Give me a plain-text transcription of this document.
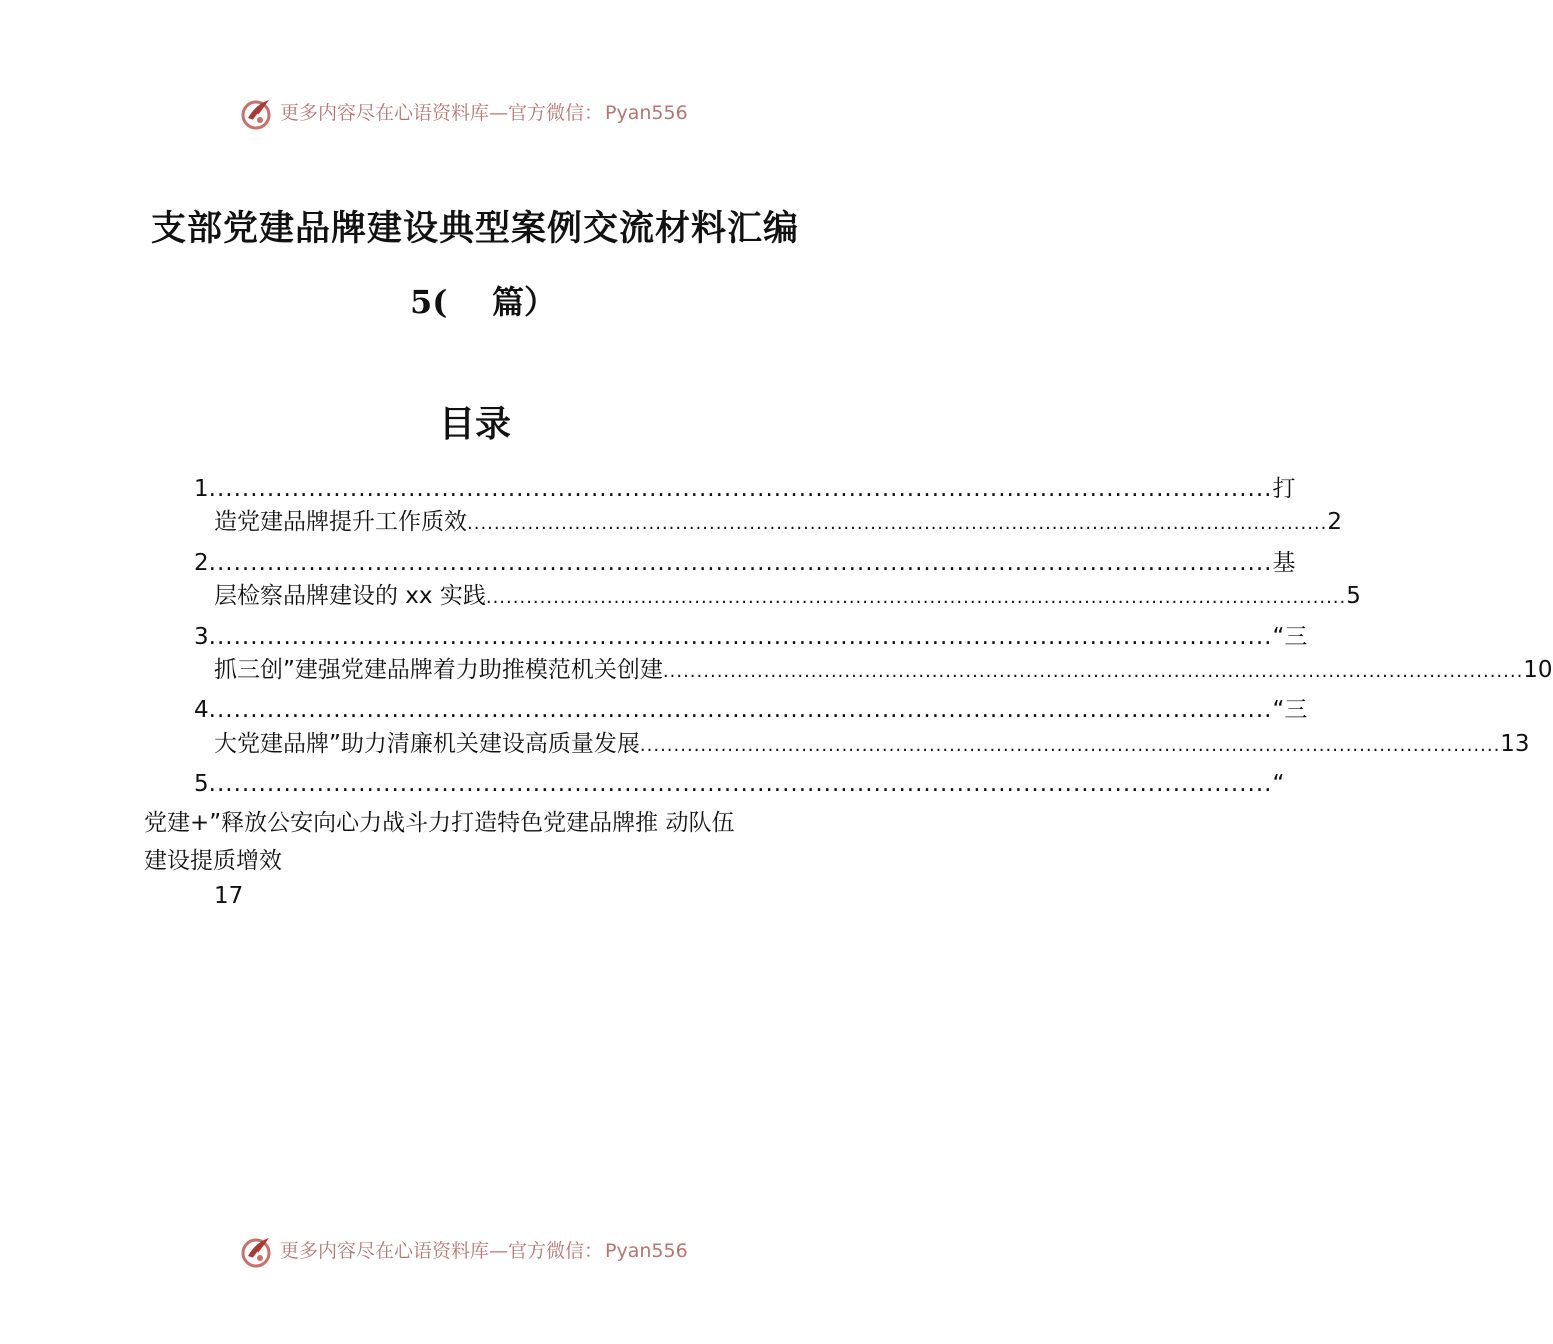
更多内容尽在心语资料库—官方微信： Pyan556
支部党建品牌建设典型案例交流材料汇编
5(    篇）
目录
1 ................................................................................................................................ 打
造党建品牌提升工作质效 ................................................................................................................................ 2
2 ................................................................................................................................ 基
层检察品牌建设的 xx 实践 ................................................................................................................................ 5
3 ................................................................................................................................ “三
抓三创”建强党建品牌着力助推模范机关创建 ................................................................................................................................ 10
4 ................................................................................................................................ “三
大党建品牌”助力清廉机关建设高质量发展 ................................................................................................................................ 13
5 ................................................................................................................................ “
党建+”释放公安向心力战斗力打造特色党建品牌推 动队伍
建设提质增效
17
更多内容尽在心语资料库—官方微信： Pyan556
